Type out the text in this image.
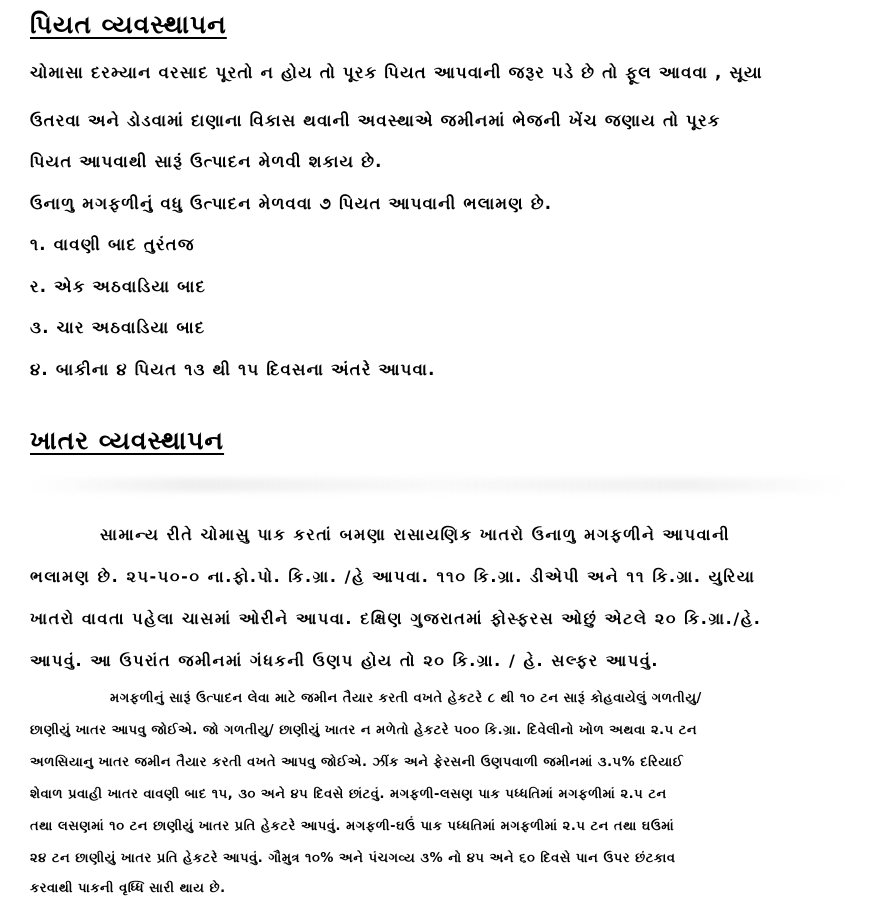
પિયત વ્યવસ્થાપન
ચોમાસા દરમ્યાન વરસાદ પૂરતો ન હોય તો પૂરક પિયત આપવાની જરૂર પડે છે તો ફૂલ આવવા , સૂયા
ઉતરવા અને ડોડવામાં દાણાના વિકાસ થવાની અવસ્થાએ જમીનમાં ભેજની ખેંચ જણાય તો પૂરક
પિયત આપવાથી સારૂં ઉત્પાદન મેળવી શકાય છે.
ઉનાળુ મગફળીનું વધુ ઉત્પાદન મેળવવા ૭ પિયત આપવાની ભલામણ છે.
૧. વાવણી બાદ તુરંતજ
ર. એક અઠવાડિયા બાદ
૩. ચાર અઠવાડિયા બાદ
૪. બાકીના ૪ પિયત ૧૩ થી ૧૫ દિવસના અંતરે આપવા.
ખાતર વ્યવસ્થાપન
સામાન્ય રીતે ચોમાસુ પાક કરતાં બમણા રાસાયણિક ખાતરો ઉનાળુ મગફળીને આપવાની
ભલામણ છે. ૨૫-૫૦-૦ ના.ફો.પો. કિ.ગ્રા. /હે આપવા. ૧૧૦ કિ.ગ્રા. ડીએપી અને ૧૧ કિ.ગ્રા. યુરિયા
ખાતરો વાવતા પહેલા ચાસમાં ઓરીને આપવા. દક્ષિણ ગુજરાતમાં ફોસ્ફરસ ઓછું એટલે ૨૦ કિ.ગ્રા./હે.
આપવું. આ ઉપરાંત જમીનમાં ગંધકની ઉણપ હોય તો ૨૦ કિ.ગ્રા. / હે. સલ્ફર આપવું.
મગફળીનું સારૂં ઉત્પાદન લેવા માટે જમીન તૈયાર કરતી વખતે હેકટરે ૮ થી ૧૦ ટન સારૂં કોહવાયેલું ગળતીયુ/
છાણીયું ખાતર આપવુ જોઈએ. જો ગળતીયુ/ છાણીયું ખાતર ન મળેતો હેકટરે ૫૦૦ કિ.ગ્રા. દિવેલીનો ખોળ અથવા ૨.૫ ટન
અળસિયાનુ ખાતર જમીન તૈયાર કરતી વખતે આપવુ જોઈએ. ઝીંક અને ફેરસની ઉણપવાળી જમીનમાં ૩.૫% દરિયાઈ
શેવાળ પ્રવાહી ખાતર વાવણી બાદ ૧૫, ૩૦ અને ૪૫ દિવસે છાંટવું. મગફળી-લસણ પાક પધ્ધતિમાં મગફળીમાં ૨.૫ ટન
તથા લસણમાં ૧૦ ટન છાણીયું ખાતર પ્રતિ હેકટરે આપવું. મગફળી-ઘઉં પાક પધ્ધતિમાં મગફળીમાં ૨.૫ ટન તથા ઘઉમાં
૨૪ ટન છાણીયું ખાતર પ્રતિ હેકટરે આપવું. ગૌમુત્ર ૧૦% અને પંચગવ્ય ૩% નો ૪૫ અને ૬૦ દિવસે પાન ઉપર છંટકાવ
કરવાથી પાકની વૃધ્ધિ સારી થાય છે.
